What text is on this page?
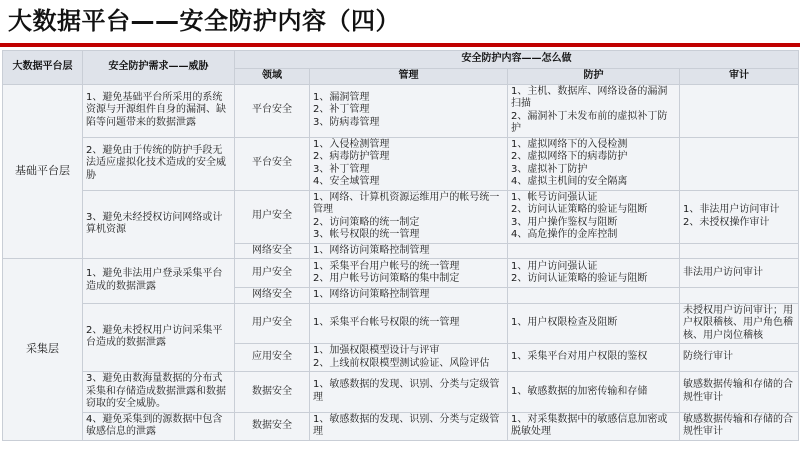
大数据平台——安全防护内容（四）
大数据平台层	安全防护需求——威胁	安全防护内容——怎么做			
		领域	管理	防护	审计
基础平台层	1、避免基础平台所采用的系统资源与开源组件自身的漏洞、缺陷等问题带来的数据泄露	平台安全	1、漏洞管理
2、补丁管理
3、防病毒管理	1、主机、数据库、网络设备的漏洞扫描
2、漏洞补丁未发布前的虚拟补丁防护	

	2、避免由于传统的防护手段无法适应虚拟化技术造成的安全威胁	平台安全	1、入侵检测管理
2、病毒防护管理
3、补丁管理
4、安全域管理	1、虚拟网络下的入侵检测
2、虚拟网络下的病毒防护
3、虚拟补丁防护
4、虚拟主机间的安全隔离	

	3、避免未经授权访问网络或计算机资源	用户安全	1、网络、计算机资源运维用户的帐号统一管理
2、访问策略的统一制定
3、帐号权限的统一管理	1、帐号访问强认证
2、访问认证策略的验证与阻断
3、用户操作鉴权与阻断
4、高危操作的金库控制	1、非法用户访问审计
2、未授权操作审计

		网络安全	1、网络访问策略控制管理		

采集层	1、避免非法用户登录采集平台造成的数据泄露	用户安全	1、采集平台用户帐号的统一管理
2、用户帐号访问策略的集中制定	1、用户访问强认证
2、访问认证策略的验证与阻断	非法用户访问审计

		网络安全	1、网络访问策略控制管理		

	2、避免未授权用户访问采集平台造成的数据泄露	用户安全	1、采集平台帐号权限的统一管理	1、用户权限检查及阻断	未授权用户访问审计；用户权限稽核、用户角色稽核、用户岗位稽核

		应用安全	1、加强权限模型设计与评审
2、上线前权限模型测试验证、风险评估	1、采集平台对用户权限的鉴权	防绕行审计

	3、避免由数海量数据的分布式采集和存储造成数据泄露和数据窃取的安全威胁。	数据安全	1、敏感数据的发现、识别、分类与定级管理	1、敏感数据的加密传输和存储	敏感数据传输和存储的合规性审计

	4、避免采集到的源数据中包含敏感信息的泄露	数据安全	1、敏感数据的发现、识别、分类与定级管理	1、对采集数据中的敏感信息加密或脱敏处理	敏感数据传输和存储的合规性审计
